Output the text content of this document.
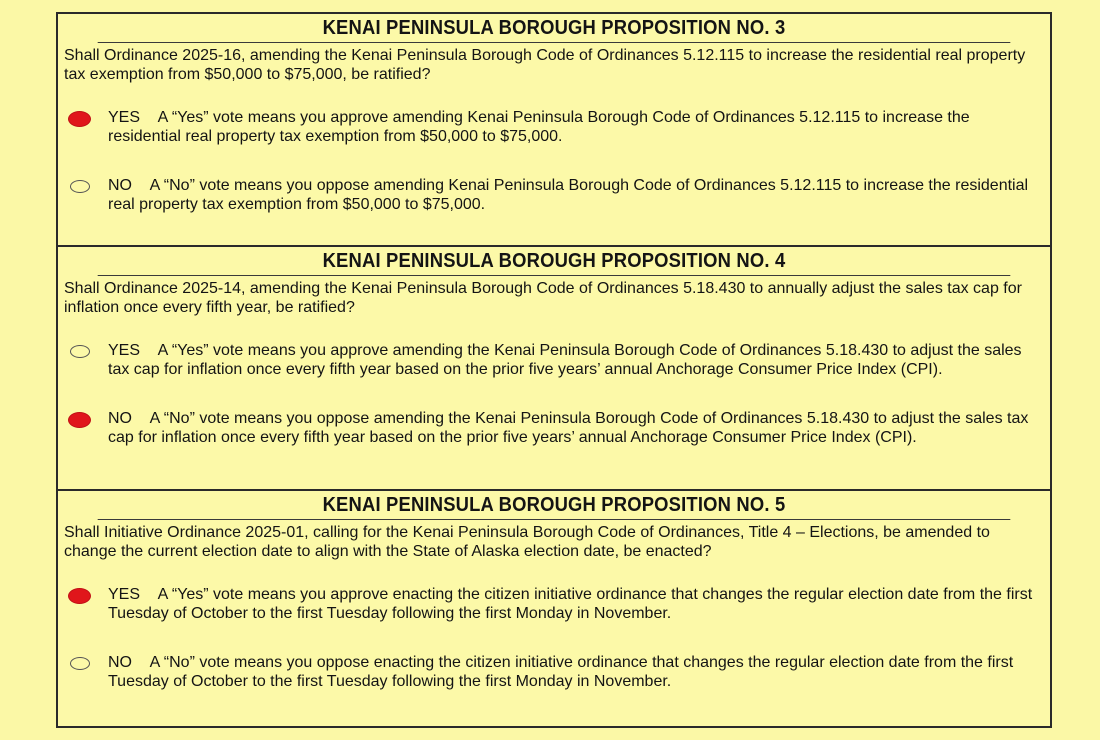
KENAI PENINSULA BOROUGH PROPOSITION NO. 3
Shall Ordinance 2025-16, amending the Kenai Peninsula Borough Code of Ordinances 5.12.115 to increase the residential real property tax exemption from $50,000 to $75,000, be ratified?
YES A “Yes” vote means you approve amending Kenai Peninsula Borough Code of Ordinances 5.12.115 to increase the residential real property tax exemption from $50,000 to $75,000.
NO A “No” vote means you oppose amending Kenai Peninsula Borough Code of Ordinances 5.12.115 to increase the residential real property tax exemption from $50,000 to $75,000.
KENAI PENINSULA BOROUGH PROPOSITION NO. 4
Shall Ordinance 2025-14, amending the Kenai Peninsula Borough Code of Ordinances 5.18.430 to annually adjust the sales tax cap for inflation once every fifth year, be ratified?
YES A “Yes” vote means you approve amending the Kenai Peninsula Borough Code of Ordinances 5.18.430 to adjust the sales tax cap for inflation once every fifth year based on the prior five years’ annual Anchorage Consumer Price Index (CPI).
NO A “No” vote means you oppose amending the Kenai Peninsula Borough Code of Ordinances 5.18.430 to adjust the sales tax cap for inflation once every fifth year based on the prior five years’ annual Anchorage Consumer Price Index (CPI).
KENAI PENINSULA BOROUGH PROPOSITION NO. 5
Shall Initiative Ordinance 2025-01, calling for the Kenai Peninsula Borough Code of Ordinances, Title 4 – Elections, be amended to change the current election date to align with the State of Alaska election date, be enacted?
YES A “Yes” vote means you approve enacting the citizen initiative ordinance that changes the regular election date from the first Tuesday of October to the first Tuesday following the first Monday in November.
NO A “No” vote means you oppose enacting the citizen initiative ordinance that changes the regular election date from the first Tuesday of October to the first Tuesday following the first Monday in November.
